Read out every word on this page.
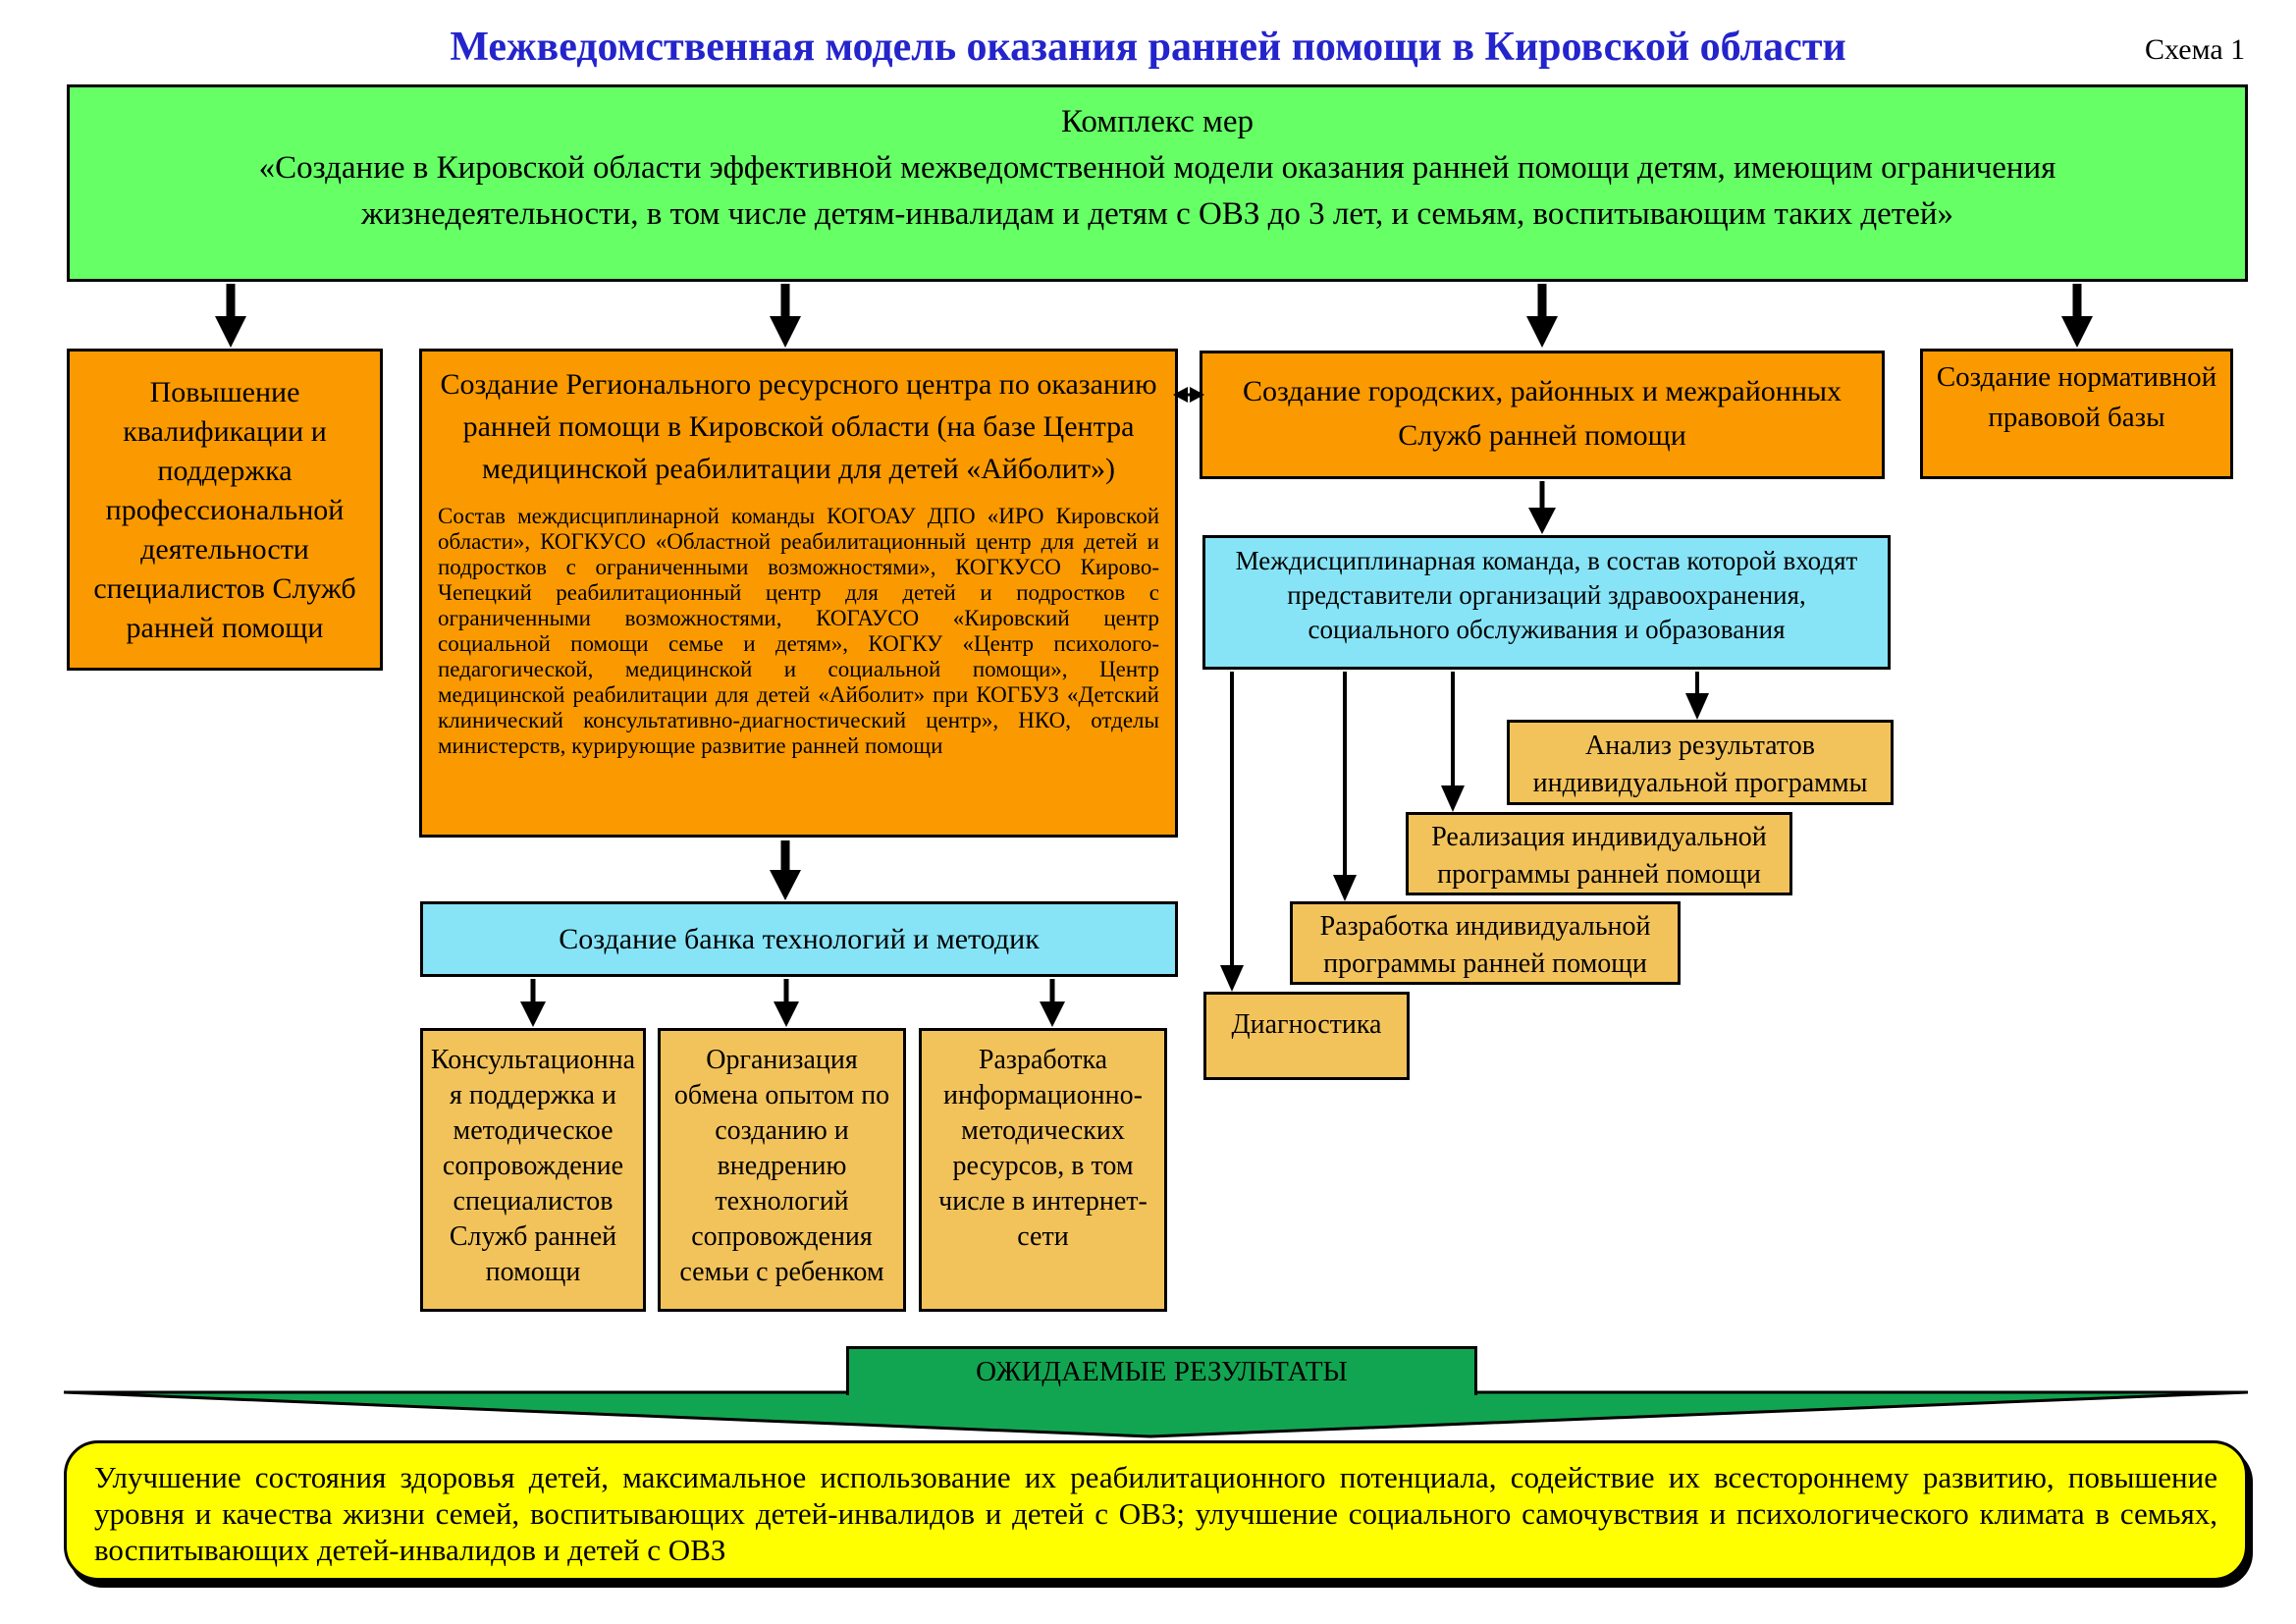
Межведомственная модель оказания ранней помощи в Кировской области	Схема 1
Комплекс мер
«Создание в Кировской области эффективной межведомственной модели оказания ранней помощи детям, имеющим ограничения жизнедеятельности, в том числе детям-инвалидам и детям с ОВЗ до 3 лет, и семьям, воспитывающим таких детей»
Повышение квалификации и поддержка профессиональной деятельности специалистов Служб ранней помощи
Создание Регионального ресурсного центра по оказанию ранней помощи в Кировской области (на базе Центра медицинской реабилитации для детей «Айболит»)
Состав междисциплинарной команды КОГОАУ ДПО «ИРО Кировской области», КОГКУСО «Областной реабилитационный центр для детей и подростков с ограниченными возможностями», КОГКУСО Кирово-Чепецкий реабилитационный центр для детей и подростков с ограниченными возможностями, КОГАУСО «Кировский центр социальной помощи семье и детям», КОГКУ «Центр психолого-педагогической, медицинской и социальной помощи», Центр медицинской реабилитации для детей «Айболит» при КОГБУЗ «Детский клинический консультативно-диагностический центр», НКО, отделы министерств, курирующие развитие ранней помощи
Создание городских, районных и межрайонных Служб ранней помощи
Создание нормативной правовой базы
Междисциплинарная команда, в состав которой входят представители организаций здравоохранения, социального обслуживания и образования
Анализ результатов индивидуальной программы
Реализация индивидуальной программы ранней помощи
Разработка индивидуальной программы ранней помощи
Диагностика
Создание банка технологий и методик
Консультационная поддержка и методическое сопровождение специалистов Служб ранней помощи
Организация обмена опытом по созданию и внедрению технологий сопровождения семьи с ребенком
Разработка информационно-методических ресурсов, в том числе в интернет-сети
ОЖИДАЕМЫЕ РЕЗУЛЬТАТЫ
Улучшение состояния здоровья детей, максимальное использование их реабилитационного потенциала, содействие их всестороннему развитию, повышение уровня и качества жизни семей, воспитывающих детей-инвалидов и детей с ОВЗ; улучшение социального самочувствия и психологического климата в семьях, воспитывающих детей-инвалидов и детей с ОВЗ
